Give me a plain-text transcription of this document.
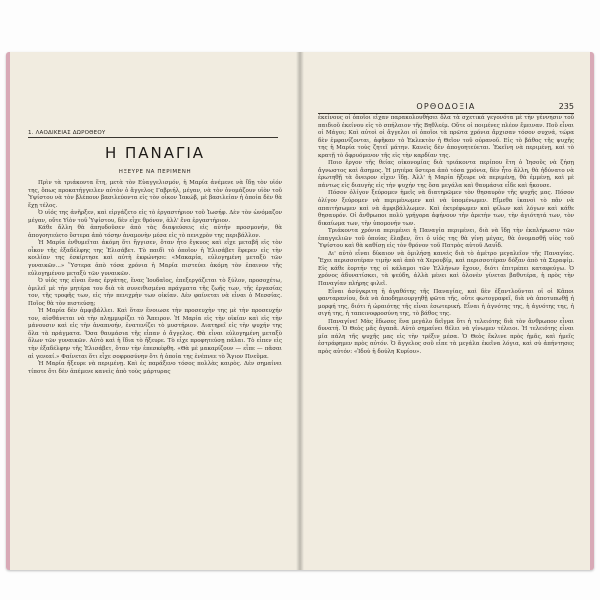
1. ΛΑΟΔΙΚΕΙΑΣ ΔΩΡΟΘΕΟΥ
Η ΠΑΝΑΓΙΑ
ΗΞΕΥΡΕ ΝΑ ΠΕΡΙΜΕΝΗ

Πρὶν τὰ τριάκοντα ἔτη, μετὰ τὸν Εὐαγγελισμόν, ἡ Μαρία ἀνέμενε νὰ ἴδῃ τὸν υἱόν της, ὅπως προκατήγγειλεν αὐτὸν ὁ ἄγγελος Γαβριήλ, μέγαν, νὰ τὸν ὀνομάζουν υἱὸν τοῦ Ὑψίστου νὰ τὸν βλέπουν βασιλεύοντα εἰς τὸν οἶκον Ἰακώβ, μὲ βασιλείαν ἡ ὁποία δὲν θὰ ἔχῃ τέλος.

Ὁ υἱός της ἀνῆρξεν, καὶ εἰργάζετο εἰς τὸ ἐργαστήριον τοῦ Ἰωσήφ. Δὲν τὸν ὠνόμαζον μέγαν, οὔτε Υἱὸν τοῦ Ὑψίστου, δὲν εἶχε θρόνον, ἀλλ' ἕνα ἐργαστήριον.

Κάθε ἄλλη θὰ ἀπηυδοῦσεν ἀπὸ τὰς διαψεύσεις εἰς αὐτὴν προσμονήν, θὰ ἀπογοητεύετο ὕστερα ἀπὸ τόσην ἀναμονὴν μέσα εἰς τὸ πενιχρὸν της περιβάλλον.

Ἡ Μαρία ἐνθυμεῖται ἀκόμη ὅτι ἤγγισεν, ὅταν ἦτο ἔγκυος καὶ εἶχε μεταβῆ εἰς τὸν οἶκον τῆς ἐξαδέλφης της Ἐλισάβετ. Τὸ παιδὶ τὸ ὁποῖον ἡ Ἐλισάβετ ἔφερεν εἰς τὴν κοιλίαν της ἐσκίρτησε καὶ αὐτὴ ἐκφώνησε: «Μακαρία, εὐλογημένη μεταξὺ τῶν γυναικῶν...» Ὕστερα ἀπὸ τόσα χρόνια ἡ Μαρία πιστεύει ἀκόμη τὸν ἐπαινον τῆς εὐλογημένου μεταξὺ τῶν γυναικῶν.

Ὁ υἱός της εἶναι ἕνας ἐργάτης, ἕνας Ἰουδαῖος, ἐπεξεργάζεται τὸ ξύλον, προσοχέτω, ὁμιλεῖ μὲ τὴν μητέρα του διὰ τὰ συνειθισμένα πράγματα τῆς ζωῆς των, τῆς ἐργασίας τον, τῆς τροφῆς των, εἰς τὴν πενιχρὴν των οἰκίαν. Δὲν φαίνεται νὰ εἶναι ὁ Μεσσίας. Ποῖος θὰ τὸν πιστεύσῃ;

Ἡ Μαρία δὲν ἀμφιβάλλει. Καὶ ὅταν ἔνοιωσε τὴν προσευχὴν της μὲ τὴν προσευχήν τον, αἰσθάνεται νὰ τὴν πλημμυρίζει τὸ Ἄπειρον. Ἡ Μαρία εἰς τὴν οἰκίαν καὶ εἰς τὴν μάνουσιν καὶ εἰς τὴν ἀναπνοήν, ἐνατενίζει τὸ μυστήριον. Διατηρεῖ εἰς τὴν ψυχήν της ὅλα τὰ πράγματα. Ὅσα θαυμάσια τῆς εἶπαν ὁ ἄγγελος. Θὰ εἶναι εὐλογημένη μεταξὺ ὅλων τῶν γυναικῶν. Αὐτὸ καὶ ἡ ἴδια τὸ ἤξευρε. Τὸ εἶχε προφητεύσῃ πάλαι. Τὸ εἶπεν εἰς τὴν ἐξαδέλφην τῆς Ἐλισάβετ, ὅταν τὴν ἐπεσκέφθη. «Θὰ μὲ μακαρίζουν — εἶπε — πᾶσαι αἱ γενεαί.» Φαίνεται ὅτι εἶχε σοφροσύνην ὅτι ἡ ὁποία της ἐνέπνεε τὸ Ἅγιον Πνεῦμα.

Ἡ Μαρία ἤξευρε νὰ περιμένῃ. Καὶ ἐς παράξενο τόσος πολλὰς καιρὸς. Δὲν σημαίνει τίποτε ὅτι δὲν ἀπέμενε κανεὶς ἀπὸ τοὺς μάρτυρας

ΟΡΘΟΔΟΞΙΑ	235

ἐκείνους οἱ ὁποῖοι εἶχαν παρακολουθήσει ὅλα τὰ σχετικά γεγονότα μὲ τὴν γέννησιν τοῦ παιδιοῦ ἐκείνου εἰς τὸ σπήλαιον τῆς Βηθλεέμ. Οὔτε οἱ ποιμένες πλέον ἔμειναν. Ποῦ εἶναι οἱ Μάγοι; Καὶ αὐτοὶ οἱ ἄγγελοι οἱ ὁποῖοι τὰ πρῶτα χρόνια ἄρχισαν τόσον συχνά, τώρα δὲν ἐμφανίζονται, ἀφῆκαν τὸ Ἐκλεκτὸν ἡ Θεῖον τοῦ οὐρανοῦ. Εἰς τὸ βάθος τῆς ψυχῆς της ἡ Μαρία τοὺς ζητεῖ μάτην. Κανεὶς δὲν ἀπογοητεύεται. Ἐκεῖνη νὰ περιμένῃ, καὶ τὸ κρατῇ τὸ ὄφρυόμενον τῆς εἰς τὴν καρδίαν της.

Ποιο ἔργον τῆς θείας οἰκονομίας διὰ τριάκοντα περίπου ἔτη ὁ Ἰησοῦς νὰ ζήσῃ ἄγνωστος καὶ ἄσημος. Ἡ μητέρα ὕστερα ἀπὸ τόσα χρόνια, δὲν ἦτο ἄλλη, θὰ ἠδύνατο νὰ ἐρωτηθῇ τὰ ὄνειρον εἶχεν ἴδῃ. Ἀλλ' ἡ Μαρία ἤξευρε νὰ περιμένῃ, θὰ ἐμμένῃ, καὶ μὲ πάντως εἰς διαυγὴς εἰς τὴν ψυχήν της ὅσα μεγάλα καὶ θαυμάσια εἶδε καὶ ἤκουσε.

Πόσον ὀλίγον ξεύρομεν ἡμεῖς νὰ διατηρῶμεν τὸν θησαυρὸν τῆς ψυχῆς μας. Πόσον ὀλίγον ξεύρομεν νὰ περιμένωμεν καὶ νὰ ὑπομένωμεν. Εἴμεθα ἱκανοὶ τὸ πᾶν νὰ απαιτήσωμεν καὶ νὰ ἀμφιβάλλωμεν. Καὶ ἐκτρέφωμεν καὶ φίλων καὶ λόγων καὶ κάθε θησαυρόν. Οἱ ἄνθρωποι πολὺ γρήγορα ἀφήνουν τὴν ἀρετὴν των, τὴν ἁγιότητά των, τὸν δικαίωμα των, τὴν ὑπομονήν των.

Τριάκοντα χρόνια περιμένει ἡ Παναγία περιμένει, διὰ νὰ ἴδῃ τὴν ἐκπλήρωσιν τῶν ἐπαγγελιῶν τοῦ ὁποίας ἔλαβεν, ὅτι ὁ υἱός της θὰ γίνῃ μέγας, θὰ ὀνομασθῇ υἱὸς τοῦ Ὑψίστου καὶ θὰ καθίσῃ εἰς τὸν θρόνον τοῦ Πατρὸς αὐτοῦ Δαυΐδ.

Δι' αὐτὸ εἶναι δίκαιον νὰ ὁμιλήσῃ κανεὶς διὰ τὸ ἀμέτρο μεγαλεῖον τῆς Παναγίας. Ἔχει περισσοτέραν τιμὴν καὶ ἀπὸ τὰ Χερουβίμ, καὶ περισσοτέραν δόξαν ἀπὸ τὰ Σεραφίμ. Εἰς κάθε ἑορτήν της οἱ κάλαμοι τῶν Ἑλλήνων ἔχουν, διότι ἐπιτρέπει καταφεύγω. Ὁ χρόνος ἀδυνατίσκει, τὰ ψεύδη, ἀλλὰ μένει καὶ ὁλονὲν γίνεται βαθυτέρα, ἡ πρὸς τὴν Παναγίαν πλήρης φιλεῖ.

Εἶναι ἀσύγκριτη ἡ ἀγαθότης τῆς Παναγίας, καὶ δὲν ἐξαντλοῦνται οἱ οἱ Κᾶποι φανταρανίου, διὰ νὰ ἀποδημιουργηθῇ φῶτα τῆς, οὔτε φωτογραφεῖ, διὰ νὰ ἀποτυπωθῇ ἡ μορφή της, διότι ἡ ὡραιότης τῆς εἶναι ἐσωτερική. Εἶναι ἡ ἁγνότης της, ἡ ἀγνότης της, ἡ σιγή της, ἡ ταπεινοφροσύνη της, τὸ βάθος της.

Παναγίνε! Μὰς ἔδωσες ἕνα μεγάλο δεῖγμα ὅτι ἡ τελειότης διὰ τὸν ἄνθρωπον εἶναι δυνατή. Ὁ Θεὸς μᾶς ἀγαπᾶ. Αὐτὸ σημαίνει θέλει νὰ γίνωμεν τέλειοι. Ἡ τελειότης εἶναι μία πάλη τῆς ψυχῆς μας εἰς τὴν τρέξιν μέσα. Ὁ Θεὸς ἔκλινε πρὸς ἡμᾶς, καὶ ἡμεῖς ἐστράφημεν πρὸς αὐτόν. Ὁ ἄγγελος σοῦ εἶπε τὰ μεγάλα ἐκεῖνα λόγια, καὶ σὺ ἀπήντησες πρὸς αὐτόν: «Ἰδοὺ ἡ δούλη Κυρίου».
